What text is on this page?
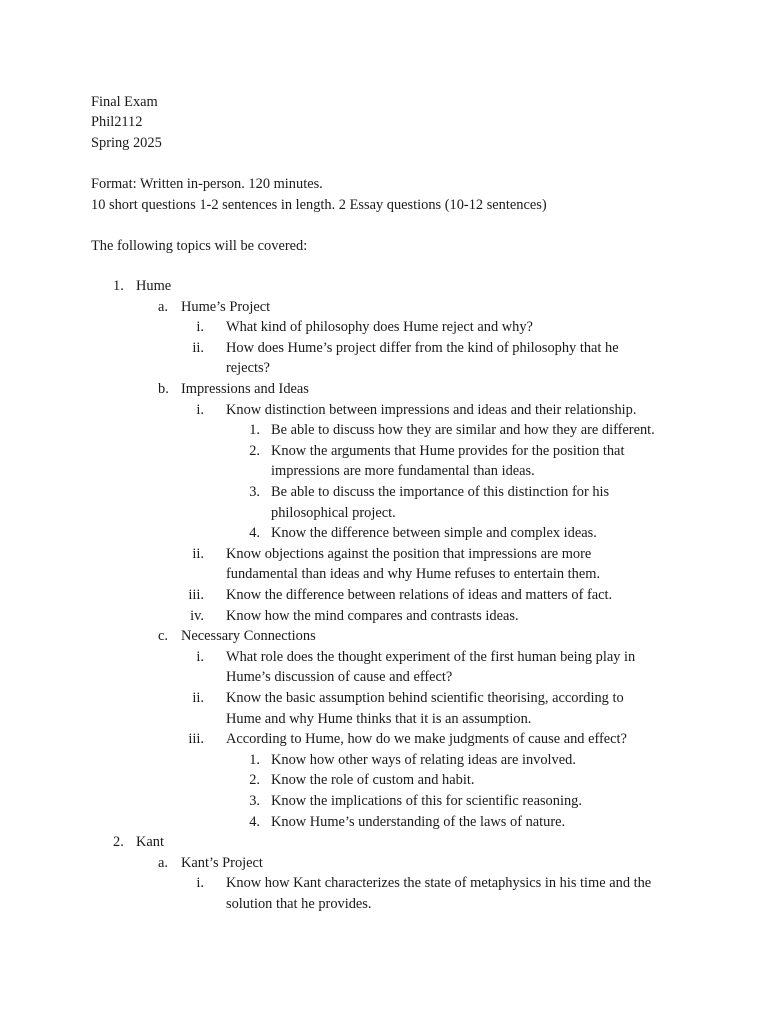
Final Exam
Phil2112
Spring 2025
Format: Written in-person. 120 minutes.
10 short questions 1-2 sentences in length. 2 Essay questions (10-12 sentences)
The following topics will be covered:
1. Hume
a. Hume’s Project
i. What kind of philosophy does Hume reject and why?
ii. How does Hume’s project differ from the kind of philosophy that he
rejects?
b. Impressions and Ideas
i. Know distinction between impressions and ideas and their relationship.
1. Be able to discuss how they are similar and how they are different.
2. Know the arguments that Hume provides for the position that
impressions are more fundamental than ideas.
3. Be able to discuss the importance of this distinction for his
philosophical project.
4. Know the difference between simple and complex ideas.
ii. Know objections against the position that impressions are more
fundamental than ideas and why Hume refuses to entertain them.
iii. Know the difference between relations of ideas and matters of fact.
iv. Know how the mind compares and contrasts ideas.
c. Necessary Connections
i. What role does the thought experiment of the first human being play in
Hume’s discussion of cause and effect?
ii. Know the basic assumption behind scientific theorising, according to
Hume and why Hume thinks that it is an assumption.
iii. According to Hume, how do we make judgments of cause and effect?
1. Know how other ways of relating ideas are involved.
2. Know the role of custom and habit.
3. Know the implications of this for scientific reasoning.
4. Know Hume’s understanding of the laws of nature.
2. Kant
a. Kant’s Project
i. Know how Kant characterizes the state of metaphysics in his time and the
solution that he provides.
